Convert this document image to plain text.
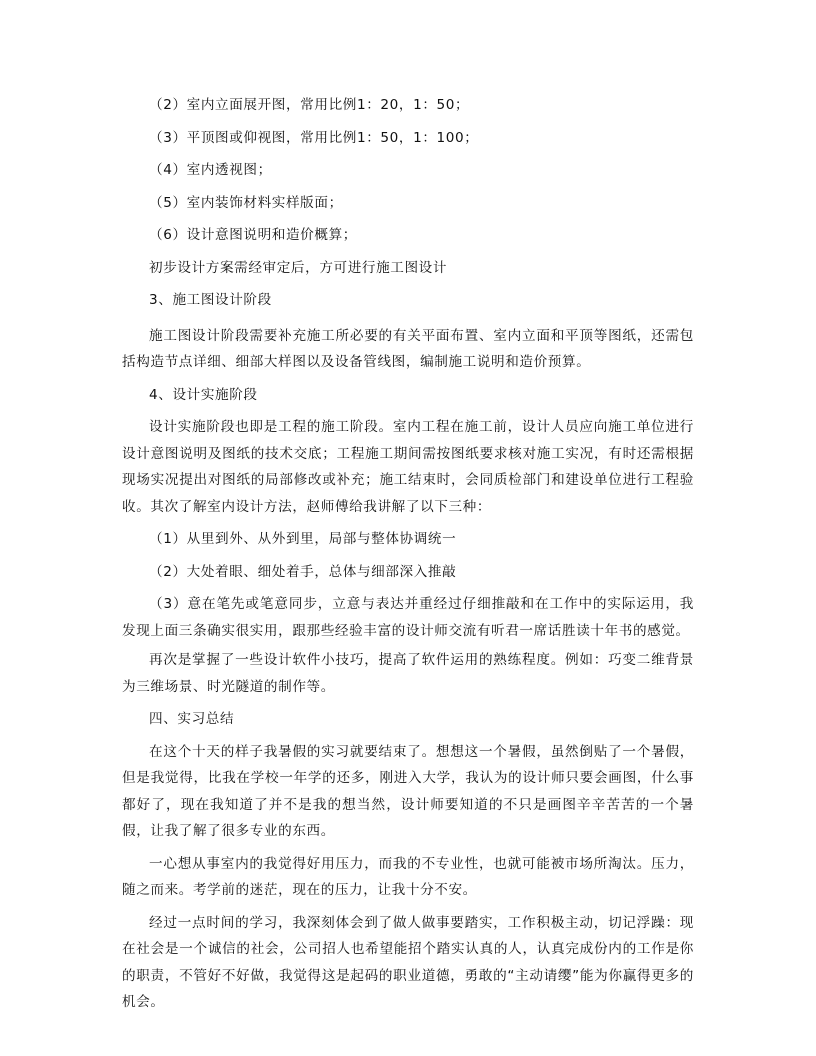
（2）室内立面展开图，常用比例1：20，1：50；

（3）平顶图或仰视图，常用比例1：50，1：100；

（4）室内透视图；

（5）室内装饰材料实样版面；

（6）设计意图说明和造价概算；

初步设计方案需经审定后，方可进行施工图设计

3、施工图设计阶段

施工图设计阶段需要补充施工所必要的有关平面布置、室内立面和平顶等图纸，还需包括构造节点详细、细部大样图以及设备管线图，编制施工说明和造价预算。

4、设计实施阶段

设计实施阶段也即是工程的施工阶段。室内工程在施工前，设计人员应向施工单位进行设计意图说明及图纸的技术交底；工程施工期间需按图纸要求核对施工实况，有时还需根据现场实况提出对图纸的局部修改或补充；施工结束时，会同质检部门和建设单位进行工程验收。其次了解室内设计方法，赵师傅给我讲解了以下三种：

（1）从里到外、从外到里，局部与整体协调统一

（2）大处着眼、细处着手，总体与细部深入推敲

（3）意在笔先或笔意同步，立意与表达并重经过仔细推敲和在工作中的实际运用，我发现上面三条确实很实用，跟那些经验丰富的设计师交流有听君一席话胜读十年书的感觉。

再次是掌握了一些设计软件小技巧，提高了软件运用的熟练程度。例如：巧变二维背景为三维场景、时光隧道的制作等。

四、实习总结

在这个十天的样子我暑假的实习就要结束了。想想这一个暑假，虽然倒贴了一个暑假，但是我觉得，比我在学校一年学的还多，刚进入大学，我认为的设计师只要会画图，什么事都好了，现在我知道了并不是我的想当然，设计师要知道的不只是画图辛辛苦苦的一个暑假，让我了解了很多专业的东西。

一心想从事室内的我觉得好用压力，而我的不专业性，也就可能被市场所淘汰。压力，随之而来。考学前的迷茫，现在的压力，让我十分不安。

经过一点时间的学习，我深刻体会到了做人做事要踏实，工作积极主动，切记浮躁：现在社会是一个诚信的社会，公司招人也希望能招个踏实认真的人，认真完成份内的工作是你的职责，不管好不好做，我觉得这是起码的职业道德，勇敢的“主动请缨”能为你赢得更多的机会。
